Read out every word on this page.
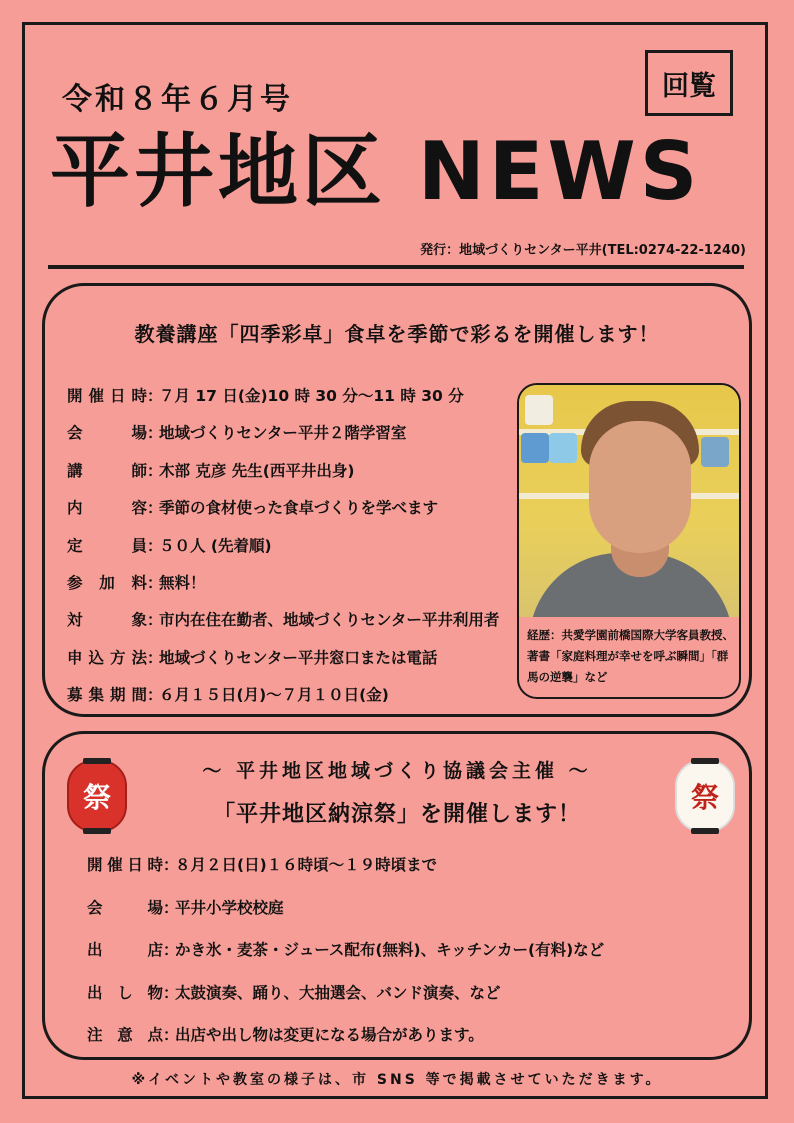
令和８年６月号	回覧
平井地区 NEWS
発行：地域づくりセンター平井(TEL:0274-22-1240)
教養講座「四季彩卓」食卓を季節で彩るを開催します！
開催日時 ：
７月 17 日(金)10 時 30 分～11 時 30 分
会場 ：
地域づくりセンター平井２階学習室
講師 ：
木部 克彦 先生(西平井出身)
内容 ：
季節の食材使った食卓づくりを学べます
定員 ：
５０人 (先着順)
参加料 ：
無料！
対象 ：
市内在住在勤者、地域づくりセンター平井利用者
申込方法 ：
地域づくりセンター平井窓口または電話
募集期間 ：
６月１５日(月)～７月１０日(金)
経歴：共愛学園前橋国際大学客員教授、著書「家庭料理が幸せを呼ぶ瞬間」「群馬の逆襲」など
祭	祭
～ 平井地区地域づくり協議会主催 ～
「平井地区納涼祭」を開催します！
開催日時 ：
８月２日(日)１６時頃～１９時頃まで
会場 ：
平井小学校校庭
出店 ：
かき氷・麦茶・ジュース配布(無料)、キッチンカー(有料)など
出し物 ：
太鼓演奏、踊り、大抽選会、バンド演奏、など
注意点 ：
出店や出し物は変更になる場合があります。
※イベントや教室の様子は、市 SNS 等で掲載させていただきます。
